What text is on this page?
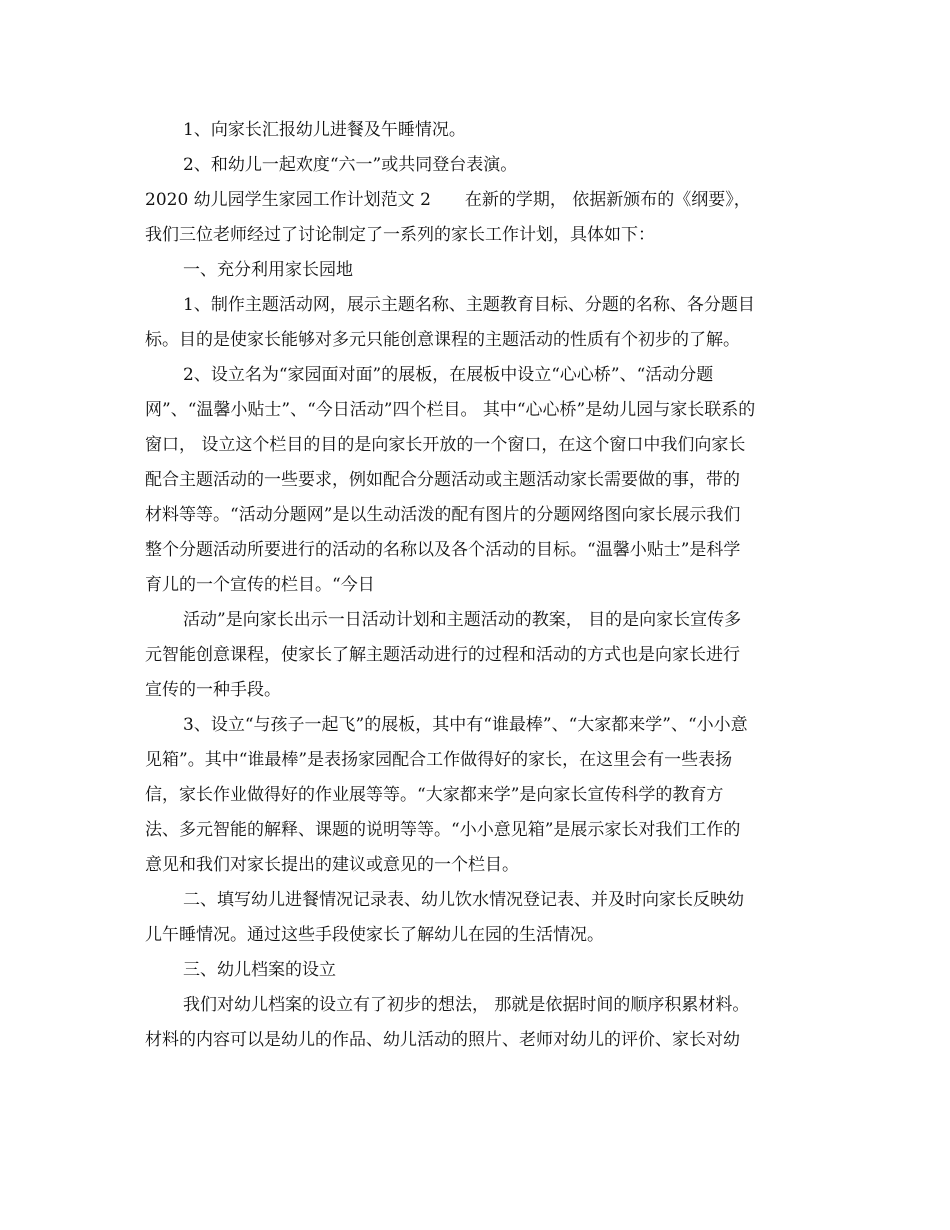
1、向家长汇报幼儿进餐及午睡情况。
2、和幼儿一起欢度“六一”或共同登台表演。
2020 幼儿园学生家园工作计划范文 2　　在新的学期， 依据新颁布的《纲要》，
我们三位老师经过了讨论制定了一系列的家长工作计划，具体如下：
一、充分利用家长园地
1、制作主题活动网，展示主题名称、主题教育目标、分题的名称、各分题目
标。目的是使家长能够对多元只能创意课程的主题活动的性质有个初步的了解。
2、设立名为“家园面对面”的展板，在展板中设立“心心桥”、“活动分题
网”、“温馨小贴士”、“今日活动”四个栏目。 其中“心心桥”是幼儿园与家长联系的
窗口， 设立这个栏目的目的是向家长开放的一个窗口，在这个窗口中我们向家长
配合主题活动的一些要求，例如配合分题活动或主题活动家长需要做的事，带的
材料等等。“活动分题网”是以生动活泼的配有图片的分题网络图向家长展示我们
整个分题活动所要进行的活动的名称以及各个活动的目标。“温馨小贴士”是科学
育儿的一个宣传的栏目。“今日
活动”是向家长出示一日活动计划和主题活动的教案， 目的是向家长宣传多
元智能创意课程，使家长了解主题活动进行的过程和活动的方式也是向家长进行
宣传的一种手段。
3、设立“与孩子一起飞”的展板，其中有“谁最棒”、“大家都来学”、“小小意
见箱”。其中“谁最棒”是表扬家园配合工作做得好的家长，在这里会有一些表扬
信，家长作业做得好的作业展等等。“大家都来学”是向家长宣传科学的教育方
法、多元智能的解释、课题的说明等等。“小小意见箱”是展示家长对我们工作的
意见和我们对家长提出的建议或意见的一个栏目。
二、填写幼儿进餐情况记录表、幼儿饮水情况登记表、并及时向家长反映幼
儿午睡情况。通过这些手段使家长了解幼儿在园的生活情况。
三、幼儿档案的设立
我们对幼儿档案的设立有了初步的想法， 那就是依据时间的顺序积累材料。
材料的内容可以是幼儿的作品、幼儿活动的照片、老师对幼儿的评价、家长对幼
